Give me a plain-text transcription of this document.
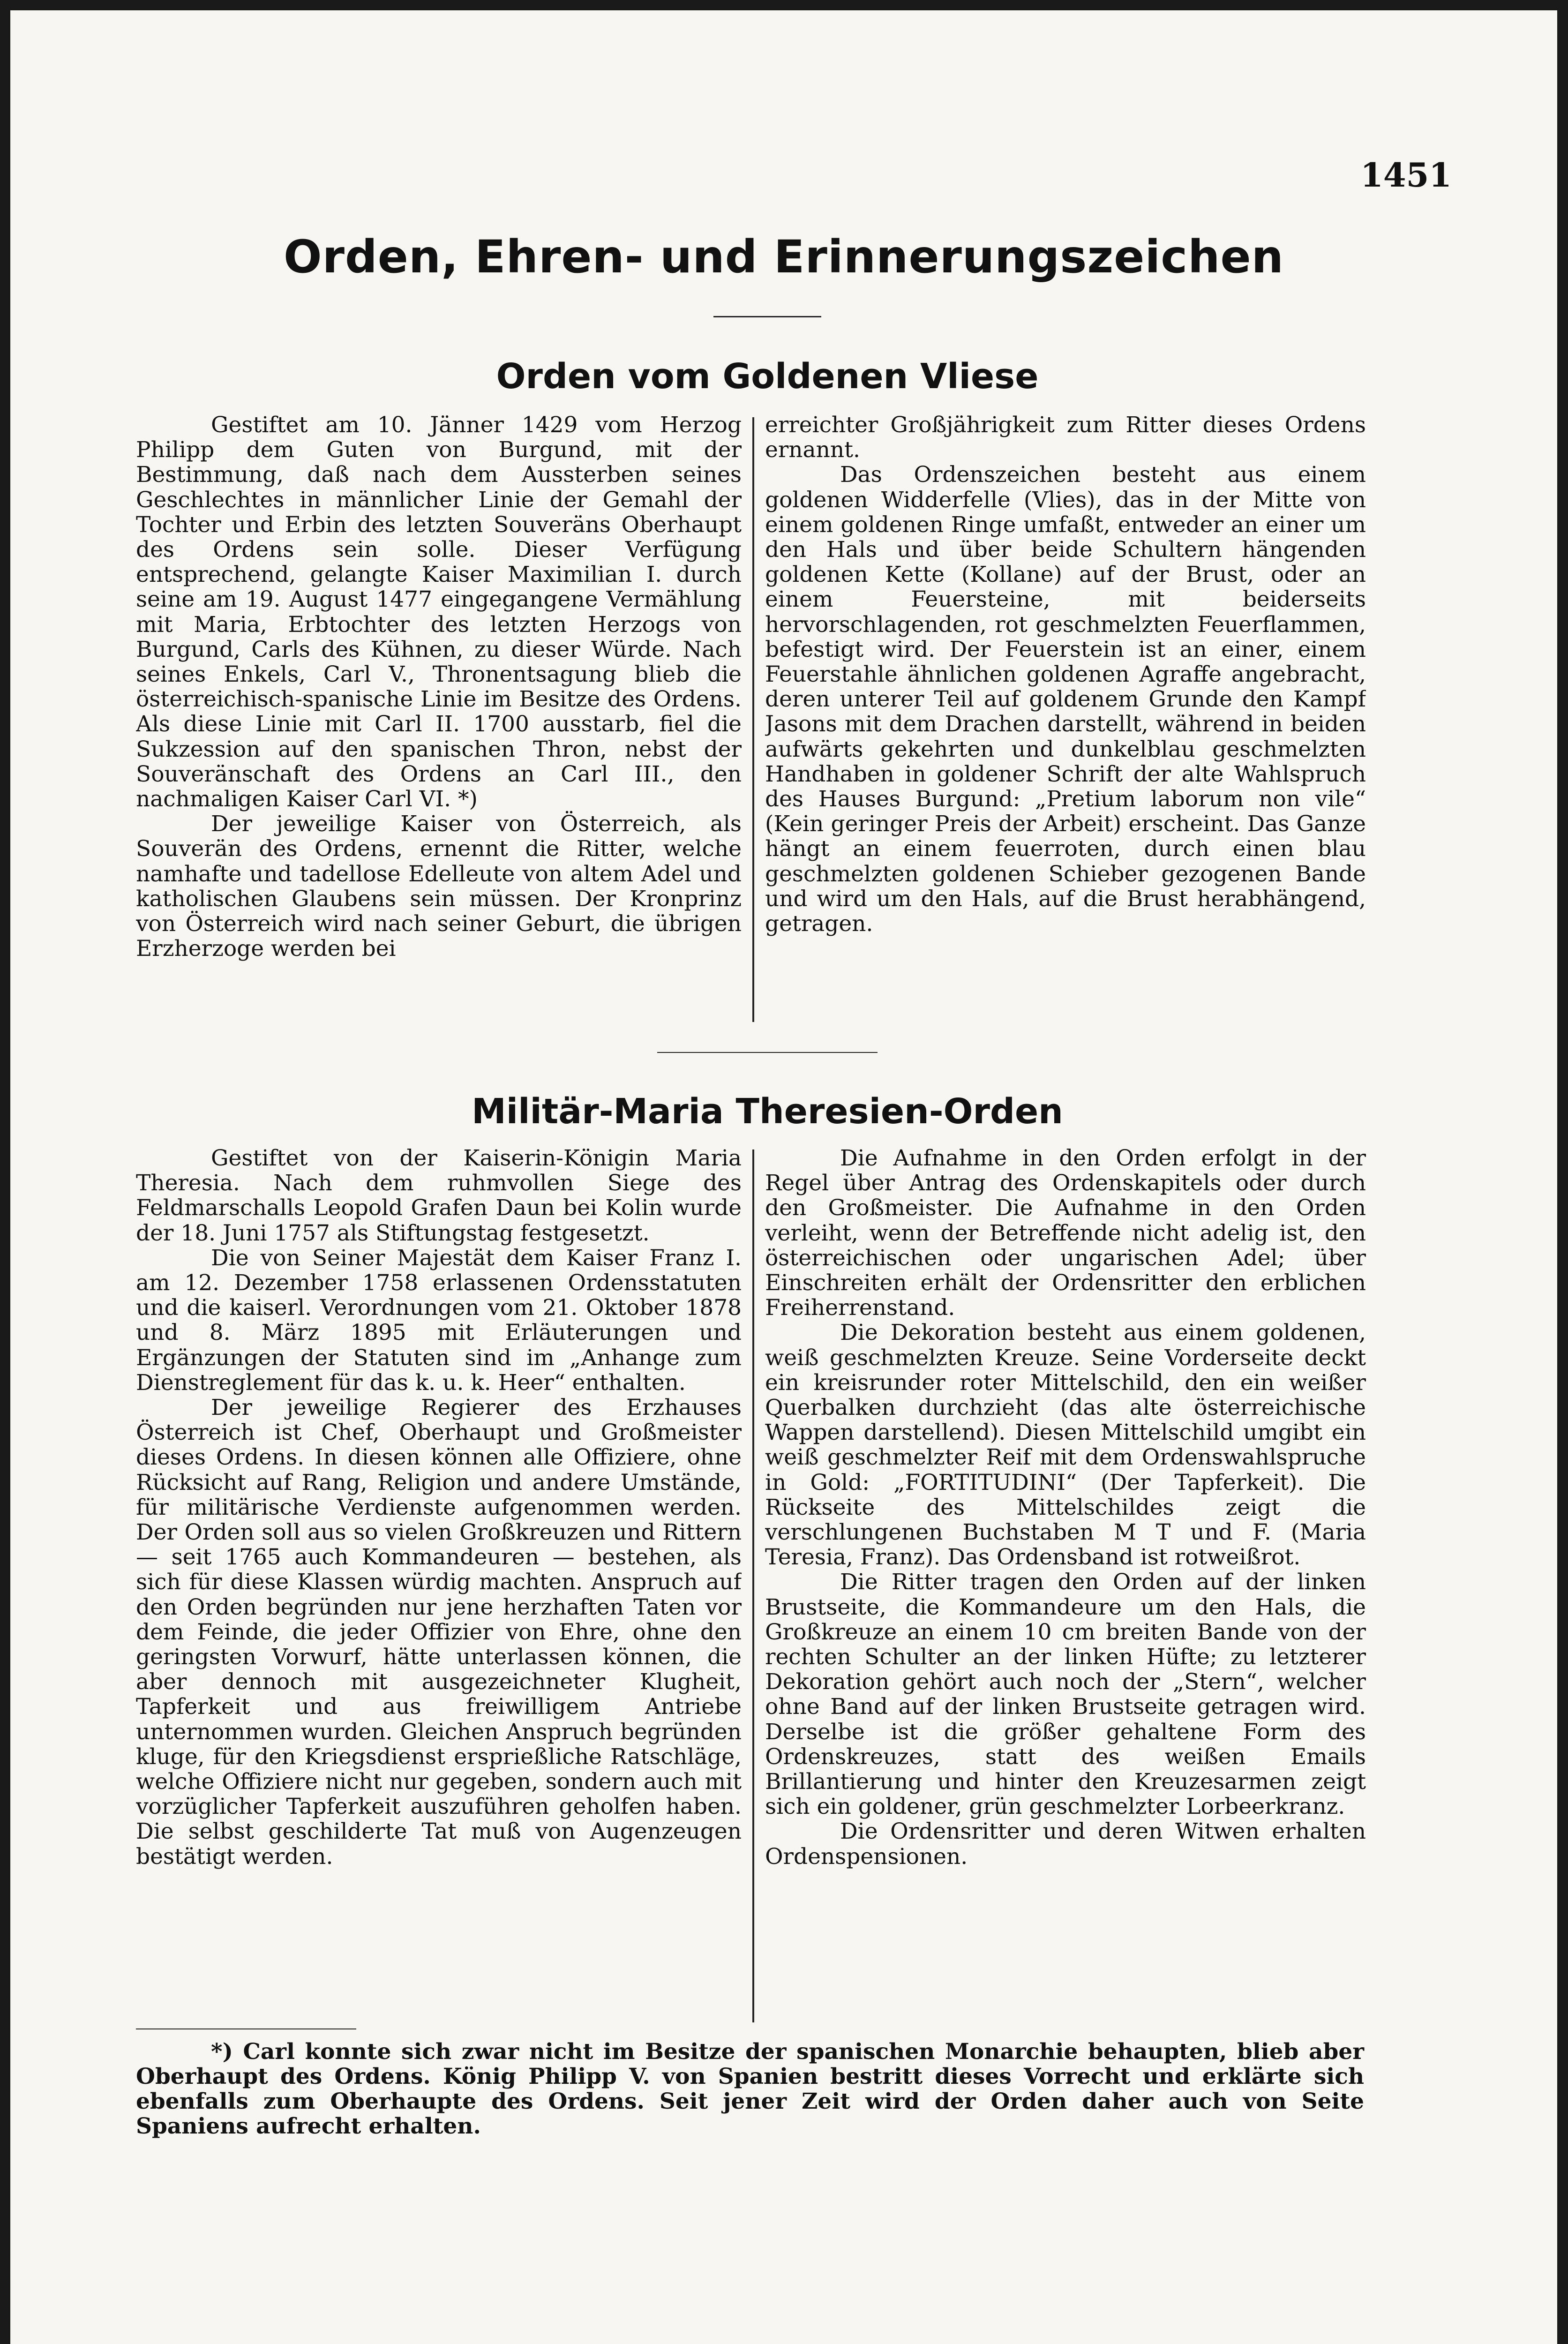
1451
Orden, Ehren- und Erinnerungszeichen
Orden vom Goldenen Vliese

Gestiftet am 10. Jänner 1429 vom Herzog Philipp dem Guten von Burgund, mit der Bestimmung, daß nach dem Aussterben seines Geschlechtes in männlicher Linie der Gemahl der Tochter und Erbin des letzten Souveräns Oberhaupt des Ordens sein solle. Dieser Verfügung entsprechend, gelangte Kaiser Maximilian I. durch seine am 19. August 1477 eingegangene Vermählung mit Maria, Erbtochter des letzten Herzogs von Burgund, Carls des Kühnen, zu dieser Würde. Nach seines Enkels, Carl V., Thronentsagung blieb die österreichisch-spanische Linie im Besitze des Ordens. Als diese Linie mit Carl II. 1700 ausstarb, fiel die Sukzession auf den spanischen Thron, nebst der Souveränschaft des Ordens an Carl III., den nachmaligen Kaiser Carl VI. *)

Der jeweilige Kaiser von Österreich, als Souverän des Ordens, ernennt die Ritter, welche namhafte und tadellose Edelleute von altem Adel und katholischen Glaubens sein müssen. Der Kronprinz von Österreich wird nach seiner Geburt, die übrigen Erzherzoge werden bei

erreichter Großjährigkeit zum Ritter dieses Ordens ernannt.

Das Ordenszeichen besteht aus einem goldenen Widderfelle (Vlies), das in der Mitte von einem goldenen Ringe umfaßt, entweder an einer um den Hals und über beide Schultern hängenden goldenen Kette (Kollane) auf der Brust, oder an einem Feuersteine, mit beiderseits hervorschlagenden, rot geschmelzten Feuerflammen, befestigt wird. Der Feuerstein ist an einer, einem Feuerstahle ähnlichen goldenen Agraffe angebracht, deren unterer Teil auf goldenem Grunde den Kampf Jasons mit dem Drachen darstellt, während in beiden aufwärts gekehrten und dunkelblau geschmelzten Handhaben in goldener Schrift der alte Wahlspruch des Hauses Burgund: „Pretium laborum non vile“ (Kein geringer Preis der Arbeit) erscheint. Das Ganze hängt an einem feuerroten, durch einen blau geschmelzten goldenen Schieber gezogenen Bande und wird um den Hals, auf die Brust herabhängend, getragen.

Militär-Maria Theresien-Orden

Gestiftet von der Kaiserin-Königin Maria Theresia. Nach dem ruhmvollen Siege des Feldmarschalls Leopold Grafen Daun bei Kolin wurde der 18. Juni 1757 als Stiftungstag festgesetzt.

Die von Seiner Majestät dem Kaiser Franz I. am 12. Dezember 1758 erlassenen Ordensstatuten und die kaiserl. Verordnungen vom 21. Oktober 1878 und 8. März 1895 mit Erläuterungen und Ergänzungen der Statuten sind im „Anhange zum Dienstreglement für das k. u. k. Heer“ enthalten.

Der jeweilige Regierer des Erzhauses Österreich ist Chef, Oberhaupt und Großmeister dieses Ordens. In diesen können alle Offiziere, ohne Rücksicht auf Rang, Religion und andere Umstände, für militärische Verdienste aufgenommen werden. Der Orden soll aus so vielen Großkreuzen und Rittern — seit 1765 auch Kommandeuren — bestehen, als sich für diese Klassen würdig machten. Anspruch auf den Orden begründen nur jene herzhaften Taten vor dem Feinde, die jeder Offizier von Ehre, ohne den geringsten Vorwurf, hätte unterlassen können, die aber dennoch mit ausgezeichneter Klugheit, Tapferkeit und aus freiwilligem Antriebe unternommen wurden. Gleichen Anspruch begründen kluge, für den Kriegsdienst ersprießliche Ratschläge, welche Offiziere nicht nur gegeben, sondern auch mit vorzüglicher Tapferkeit auszuführen geholfen haben. Die selbst geschilderte Tat muß von Augenzeugen bestätigt werden.

Die Aufnahme in den Orden erfolgt in der Regel über Antrag des Ordenskapitels oder durch den Großmeister. Die Aufnahme in den Orden verleiht, wenn der Betreffende nicht adelig ist, den österreichischen oder ungarischen Adel; über Einschreiten erhält der Ordensritter den erblichen Freiherrenstand.

Die Dekoration besteht aus einem goldenen, weiß geschmelzten Kreuze. Seine Vorderseite deckt ein kreisrunder roter Mittelschild, den ein weißer Querbalken durchzieht (das alte österreichische Wappen darstellend). Diesen Mittelschild umgibt ein weiß geschmelzter Reif mit dem Ordenswahlspruche in Gold: „FORTITUDINI“ (Der Tapferkeit). Die Rückseite des Mittelschildes zeigt die verschlungenen Buchstaben M T und F. (Maria Teresia, Franz). Das Ordensband ist rotweißrot.

Die Ritter tragen den Orden auf der linken Brustseite, die Kommandeure um den Hals, die Großkreuze an einem 10 cm breiten Bande von der rechten Schulter an der linken Hüfte; zu letzterer Dekoration gehört auch noch der „Stern“, welcher ohne Band auf der linken Brustseite getragen wird. Derselbe ist die größer gehaltene Form des Ordenskreuzes, statt des weißen Emails Brillantierung und hinter den Kreuzesarmen zeigt sich ein goldener, grün geschmelzter Lorbeerkranz.

Die Ordensritter und deren Witwen erhalten Ordenspensionen.

*) Carl konnte sich zwar nicht im Besitze der spanischen Monarchie behaupten, blieb aber Oberhaupt des Ordens. König Philipp V. von Spanien bestritt dieses Vorrecht und erklärte sich ebenfalls zum Oberhaupte des Ordens. Seit jener Zeit wird der Orden daher auch von Seite Spaniens aufrecht erhalten.
